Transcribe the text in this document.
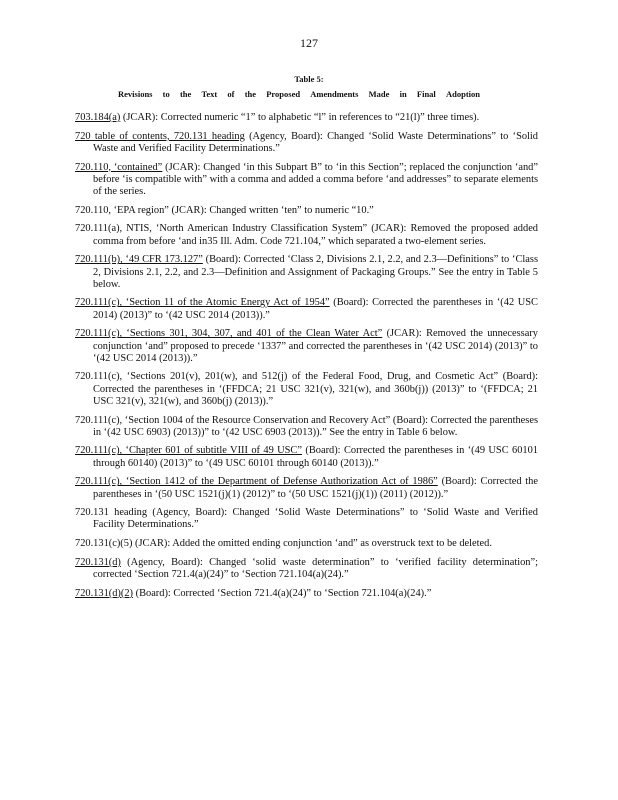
127
Table 5:
Revisions to the Text of the Proposed Amendments Made in Final Adoption

703.184(a) (JCAR): Corrected numeric “1” to alphabetic “l” in references to “21(l)” three times).

720 table of contents, 720.131 heading (Agency, Board): Changed ‘Solid Waste Determinations” to ‘Solid Waste and Verified Facility Determinations.”

720.110, ‘contained” (JCAR): Changed ‘in this Subpart B” to ‘in this Section”; replaced the conjunction ‘and” before ‘is compatible with” with a comma and added a comma before ‘and addresses” to separate elements of the series.

720.110, ‘EPA region” (JCAR): Changed written ‘ten” to numeric “10.”

720.111(a), NTIS, ‘North American Industry Classification System” (JCAR): Removed the proposed added comma from before ‘and in35 Ill. Adm. Code 721.104,” which separated a two-element series.

720.111(b), ‘49 CFR 173.127” (Board): Corrected ‘Class 2, Divisions 2.1, 2.2, and 2.3—Definitions” to ‘Class 2, Divisions 2.1, 2.2, and 2.3—Definition and Assignment of Packaging Groups.” See the entry in Table 5 below.

720.111(c), ‘Section 11 of the Atomic Energy Act of 1954” (Board): Corrected the parentheses in ‘(42 USC 2014) (2013)” to ‘(42 USC 2014 (2013)).”

720.111(c), ‘Sections 301, 304, 307, and 401 of the Clean Water Act” (JCAR): Removed the unnecessary conjunction ‘and” proposed to precede ‘1337” and corrected the parentheses in ‘(42 USC 2014) (2013)” to ‘(42 USC 2014 (2013)).”

720.111(c), ‘Sections 201(v), 201(w), and 512(j) of the Federal Food, Drug, and Cosmetic Act” (Board): Corrected the parentheses in ‘(FFDCA; 21 USC 321(v), 321(w), and 360b(j)) (2013)” to ‘(FFDCA; 21 USC 321(v), 321(w), and 360b(j) (2013)).”

720.111(c), ‘Section 1004 of the Resource Conservation and Recovery Act” (Board): Corrected the parentheses in ‘(42 USC 6903) (2013))” to ‘(42 USC 6903 (2013)).” See the entry in Table 6 below.

720.111(c), ‘Chapter 601 of subtitle VIII of 49 USC” (Board): Corrected the parentheses in ‘(49 USC 60101 through 60140) (2013)” to ‘(49 USC 60101 through 60140 (2013)).”

720.111(c), ‘Section 1412 of the Department of Defense Authorization Act of 1986” (Board): Corrected the parentheses in ‘(50 USC 1521(j)(1) (2012)” to ‘(50 USC 1521(j)(1)) (2011) (2012)).”

720.131 heading (Agency, Board): Changed ‘Solid Waste Determinations” to ‘Solid Waste and Verified Facility Determinations.”

720.131(c)(5) (JCAR): Added the omitted ending conjunction ‘and” as overstruck text to be deleted.

720.131(d) (Agency, Board): Changed ‘solid waste determination” to ‘verified facility determination”; corrected ‘Section 721.4(a)(24)” to ‘Section 721.104(a)(24).”

720.131(d)(2) (Board): Corrected ‘Section 721.4(a)(24)” to ‘Section 721.104(a)(24).”
